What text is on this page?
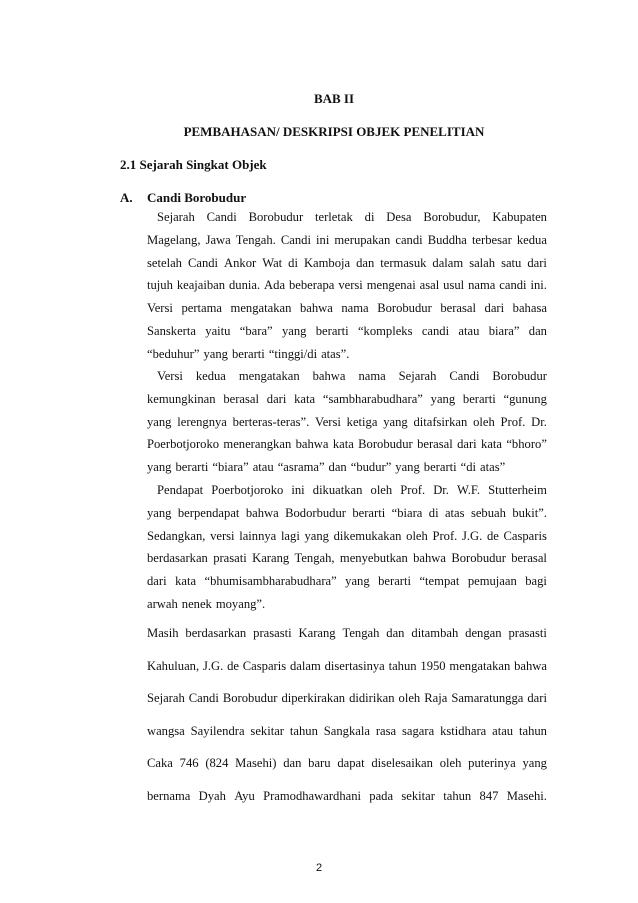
BAB II
PEMBAHASAN/ DESKRIPSI OBJEK PENELITIAN
2.1 Sejarah Singkat Objek
A. Candi Borobudur
Sejarah Candi Borobudur terletak di Desa Borobudur, Kabupaten
Magelang, Jawa Tengah. Candi ini merupakan candi Buddha terbesar kedua
setelah Candi Ankor Wat di Kamboja dan termasuk dalam salah satu dari
tujuh keajaiban dunia. Ada beberapa versi mengenai asal usul nama candi ini.
Versi pertama mengatakan bahwa nama Borobudur berasal dari bahasa
Sanskerta yaitu “bara” yang berarti “kompleks candi atau biara” dan
“beduhur” yang berarti “tinggi/di atas”.
Versi kedua mengatakan bahwa nama Sejarah Candi Borobudur
kemungkinan berasal dari kata “sambharabudhara” yang berarti “gunung
yang lerengnya berteras-teras”. Versi ketiga yang ditafsirkan oleh Prof. Dr.
Poerbotjoroko menerangkan bahwa kata Borobudur berasal dari kata “bhoro”
yang berarti “biara” atau “asrama” dan “budur” yang berarti “di atas”
Pendapat Poerbotjoroko ini dikuatkan oleh Prof. Dr. W.F. Stutterheim
yang berpendapat bahwa Bodorbudur berarti “biara di atas sebuah bukit”.
Sedangkan, versi lainnya lagi yang dikemukakan oleh Prof. J.G. de Casparis
berdasarkan prasati Karang Tengah, menyebutkan bahwa Borobudur berasal
dari kata “bhumisambharabudhara” yang berarti “tempat pemujaan bagi
arwah nenek moyang”.
Masih berdasarkan prasasti Karang Tengah dan ditambah dengan prasasti
Kahuluan, J.G. de Casparis dalam disertasinya tahun 1950 mengatakan bahwa
Sejarah Candi Borobudur diperkirakan didirikan oleh Raja Samaratungga dari
wangsa Sayilendra sekitar tahun Sangkala rasa sagara kstidhara atau tahun
Caka 746 (824 Masehi) dan baru dapat diselesaikan oleh puterinya yang
bernama Dyah Ayu Pramodhawardhani pada sekitar tahun 847 Masehi.
2
